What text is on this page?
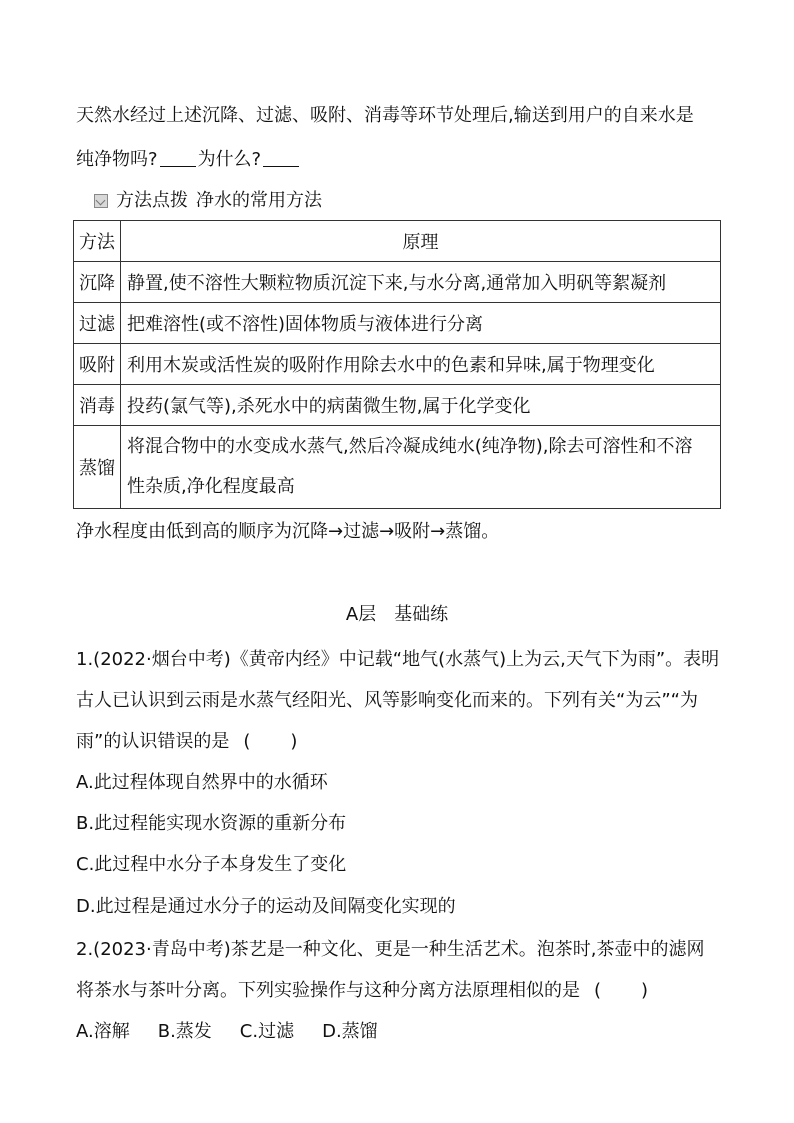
天然水经过上述沉降、过滤、吸附、消毒等环节处理后,输送到用户的自来水是
纯净物吗? 为什么?
方法点拨 净水的常用方法
方法	原理
沉降	静置,使不溶性大颗粒物质沉淀下来,与水分离,通常加入明矾等絮凝剂
过滤	把难溶性(或不溶性)固体物质与液体进行分离
吸附	利用木炭或活性炭的吸附作用除去水中的色素和异味,属于物理变化
消毒	投药(氯气等),杀死水中的病菌微生物,属于化学变化
蒸馏	将混合物中的水变成水蒸气,然后冷凝成纯水(纯净物),除去可溶性和不溶
性杂质,净化程度最高
净水程度由低到高的顺序为沉降→过滤→吸附→蒸馏。
A层　基础练
1.(2022·烟台中考)《黄帝内经》中记载“地气(水蒸气)上为云,天气下为雨”。表明
古人已认识到云雨是水蒸气经阳光、风等影响变化而来的。下列有关“为云”“为
雨”的认识错误的是 ( )
A.此过程体现自然界中的水循环
B.此过程能实现水资源的重新分布
C.此过程中水分子本身发生了变化
D.此过程是通过水分子的运动及间隔变化实现的
2.(2023·青岛中考)茶艺是一种文化、更是一种生活艺术。泡茶时,茶壶中的滤网
将茶水与茶叶分离。下列实验操作与这种分离方法原理相似的是 ( )
A.溶解 B.蒸发 C.过滤 D.蒸馏
